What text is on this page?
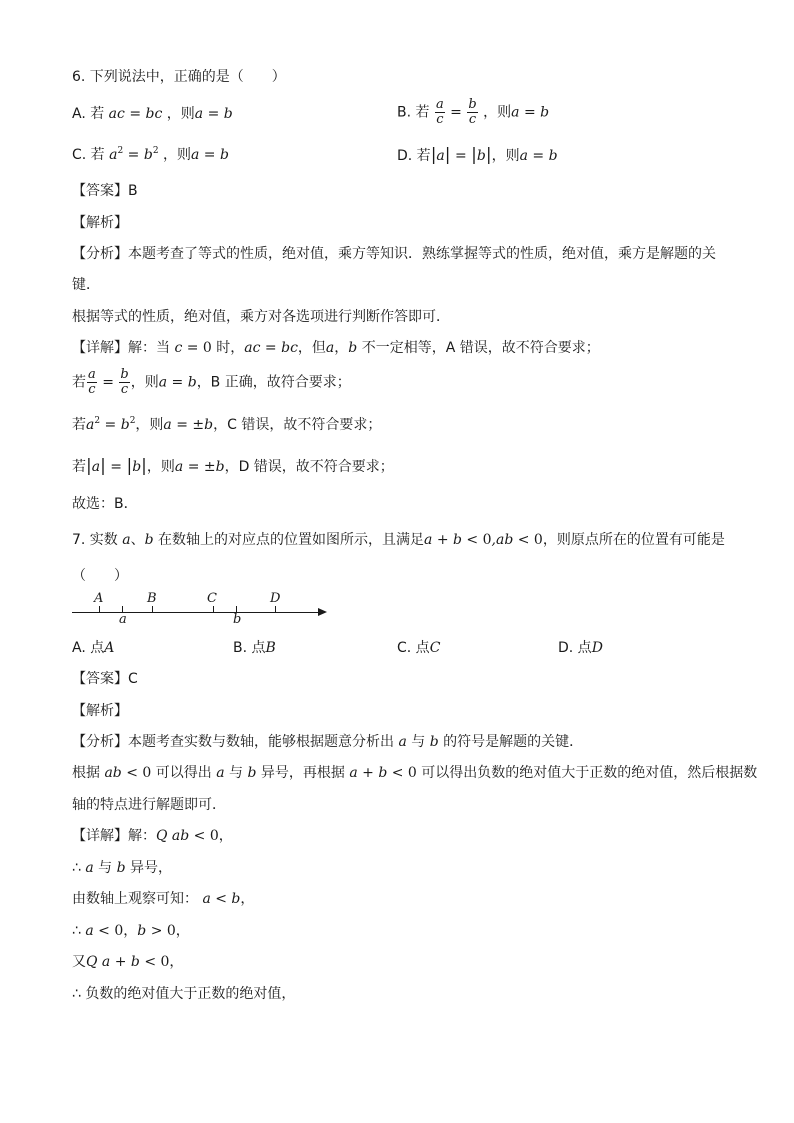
6. 下列说法中，正确的是（　　）
A. 若 ac = bc ，则a = b	B. 若 $\frac{a}{c} = \frac{b}{c}$ ，则a = b
C. 若 $a^2 = b^2$ ，则a = b	D. 若|a| = |b|，则a = b
【答案】B
【解析】
【分析】本题考查了等式的性质，绝对值，乘方等知识．熟练掌握等式的性质，绝对值，乘方是解题的关
键．
根据等式的性质，绝对值，乘方对各选项进行判断作答即可．
【详解】解：当 c = 0 时，ac = bc，但a，b 不一定相等，A 错误，故不符合要求；
若 $\frac{a}{c} = \frac{b}{c}$ ，则a = b，B 正确，故符合要求；
若$a^2 = b^2$，则a = ±b，C 错误，故不符合要求；
若|a| = |b|，则a = ±b，D 错误，故不符合要求；
故选：B．
7. 实数 a、b 在数轴上的对应点的位置如图所示，且满足a + b < 0,ab < 0，则原点所在的位置有可能是
（　　）
A	B	C	D
a	b
A. 点A	B. 点B	C. 点C	D. 点D
【答案】C
【解析】
【分析】本题考查实数与数轴，能够根据题意分析出 a 与 b 的符号是解题的关键．
根据 ab < 0 可以得出 a 与 b 异号，再根据 a + b < 0 可以得出负数的绝对值大于正数的绝对值，然后根据数
轴的特点进行解题即可．
【详解】解：Q ab < 0，
∴ a 与 b 异号，
由数轴上观察可知： a < b，
∴ a < 0，b > 0，
又Q a + b < 0，
∴ 负数的绝对值大于正数的绝对值，
